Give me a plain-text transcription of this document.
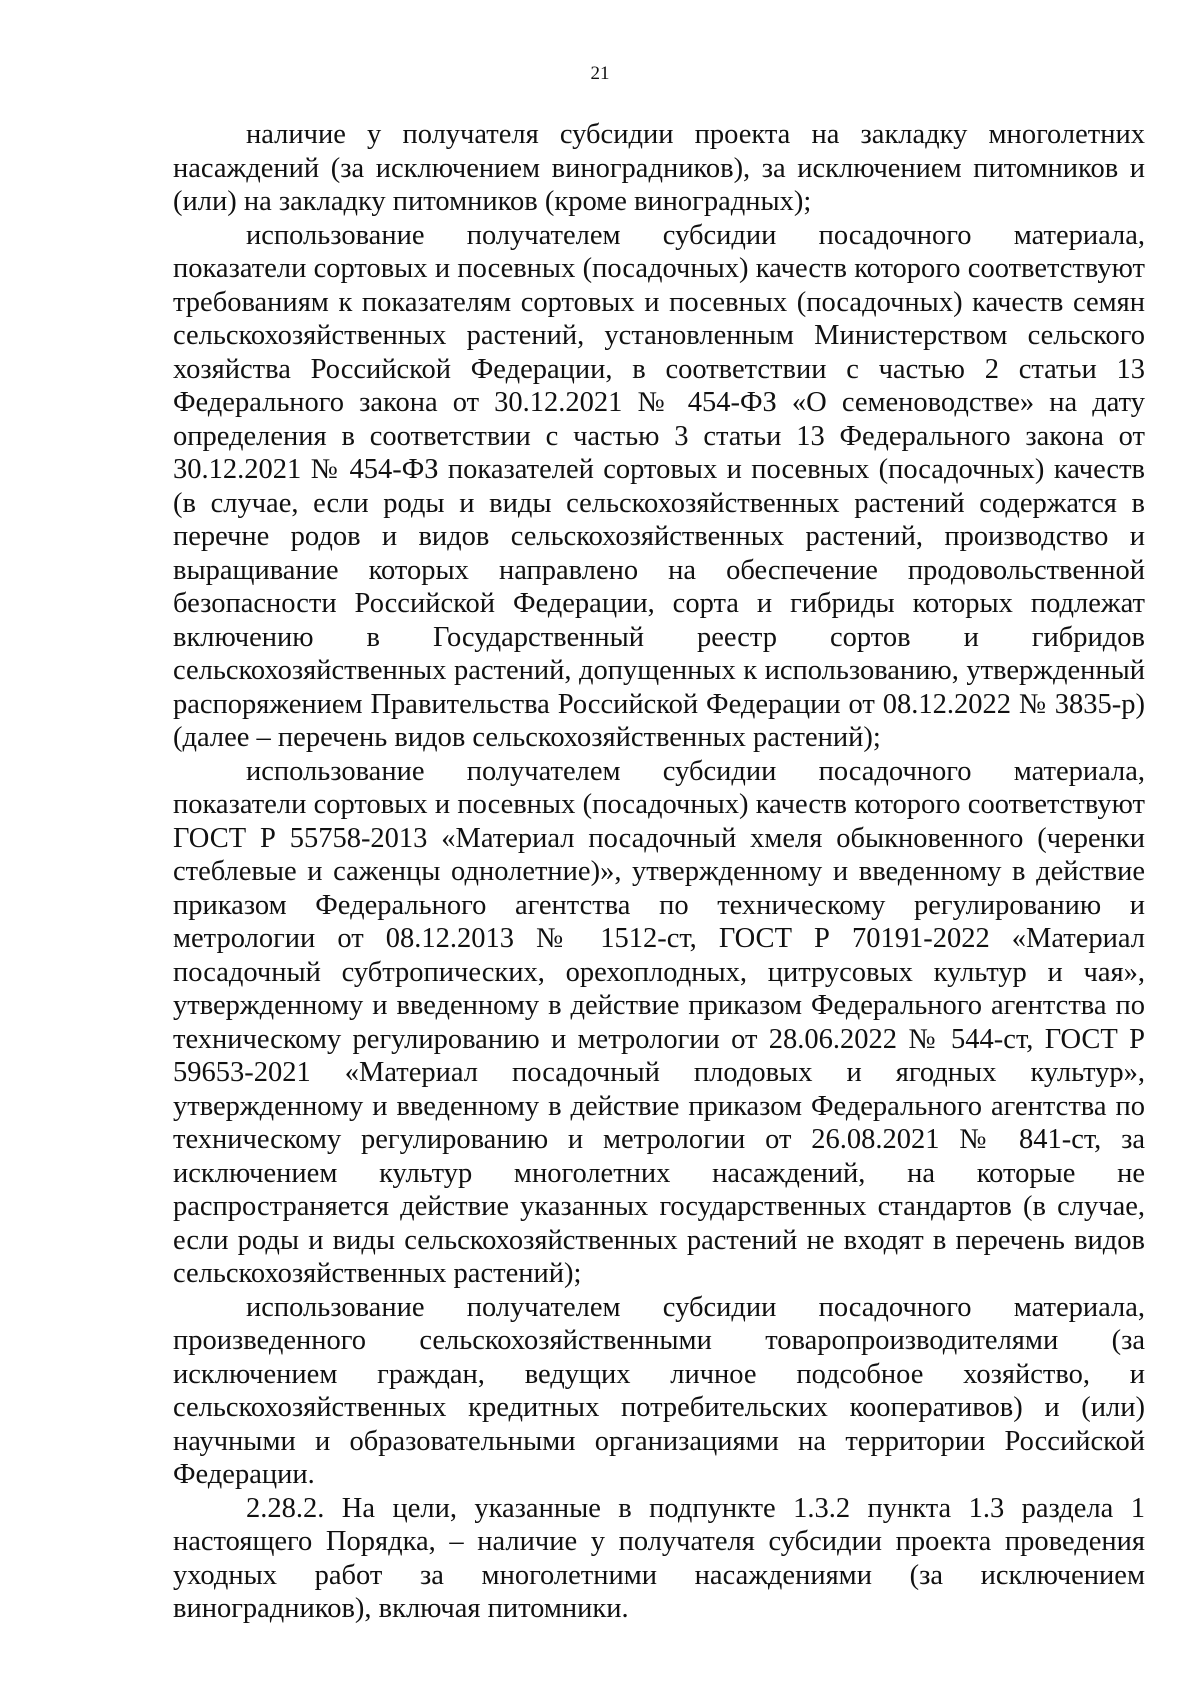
21

наличие у получателя субсидии проекта на закладку многолетних насаждений (за исключением виноградников), за исключением питомников и (или) на закладку питомников (кроме виноградных);

использование получателем субсидии посадочного материала, показатели сортовых и посевных (посадочных) качеств которого соответствуют требованиям к показателям сортовых и посевных (посадочных) качеств семян сельскохозяйственных растений, установленным Министерством сельского хозяйства Российской Федерации, в соответствии с частью 2 статьи 13 Федерального закона от 30.12.2021 № 454-ФЗ «О семеноводстве» на дату определения в соответствии с частью 3 статьи 13 Федерального закона от 30.12.2021 № 454-ФЗ показателей сортовых и посевных (посадочных) качеств (в случае, если роды и виды сельскохозяйственных растений содержатся в перечне родов и видов сельскохозяйственных растений, производство и выращивание которых направлено на обеспечение продовольственной безопасности Российской Федерации, сорта и гибриды которых подлежат включению в Государственный реестр сортов и гибридов сельскохозяйственных растений, допущенных к использованию, утвержденный распоряжением Правительства Российской Федерации от 08.12.2022 № 3835-р) (далее – перечень видов сельскохозяйственных растений);

использование получателем субсидии посадочного материала, показатели сортовых и посевных (посадочных) качеств которого соответствуют ГОСТ Р 55758-2013 «Материал посадочный хмеля обыкновенного (черенки стеблевые и саженцы однолетние)», утвержденному и введенному в действие приказом Федерального агентства по техническому регулированию и метрологии от 08.12.2013 № 1512-ст, ГОСТ Р 70191-2022 «Материал посадочный субтропических, орехоплодных, цитрусовых культур и чая», утвержденному и введенному в действие приказом Федерального агентства по техническому регулированию и метрологии от 28.06.2022 № 544-ст, ГОСТ Р 59653-2021 «Материал посадочный плодовых и ягодных культур», утвержденному и введенному в действие приказом Федерального агентства по техническому регулированию и метрологии от 26.08.2021 № 841-ст, за исключением культур многолетних насаждений, на которые не распространяется действие указанных государственных стандартов (в случае, если роды и виды сельскохозяйственных растений не входят в перечень видов сельскохозяйственных растений);

использование получателем субсидии посадочного материала, произведенного сельскохозяйственными товаропроизводителями (за исключением граждан, ведущих личное подсобное хозяйство, и сельскохозяйственных кредитных потребительских кооперативов) и (или) научными и образовательными организациями на территории Российской Федерации.

2.28.2. На цели, указанные в подпункте 1.3.2 пункта 1.3 раздела 1 настоящего Порядка, – наличие у получателя субсидии проекта проведения уходных работ за многолетними насаждениями (за исключением виноградников), включая питомники.
